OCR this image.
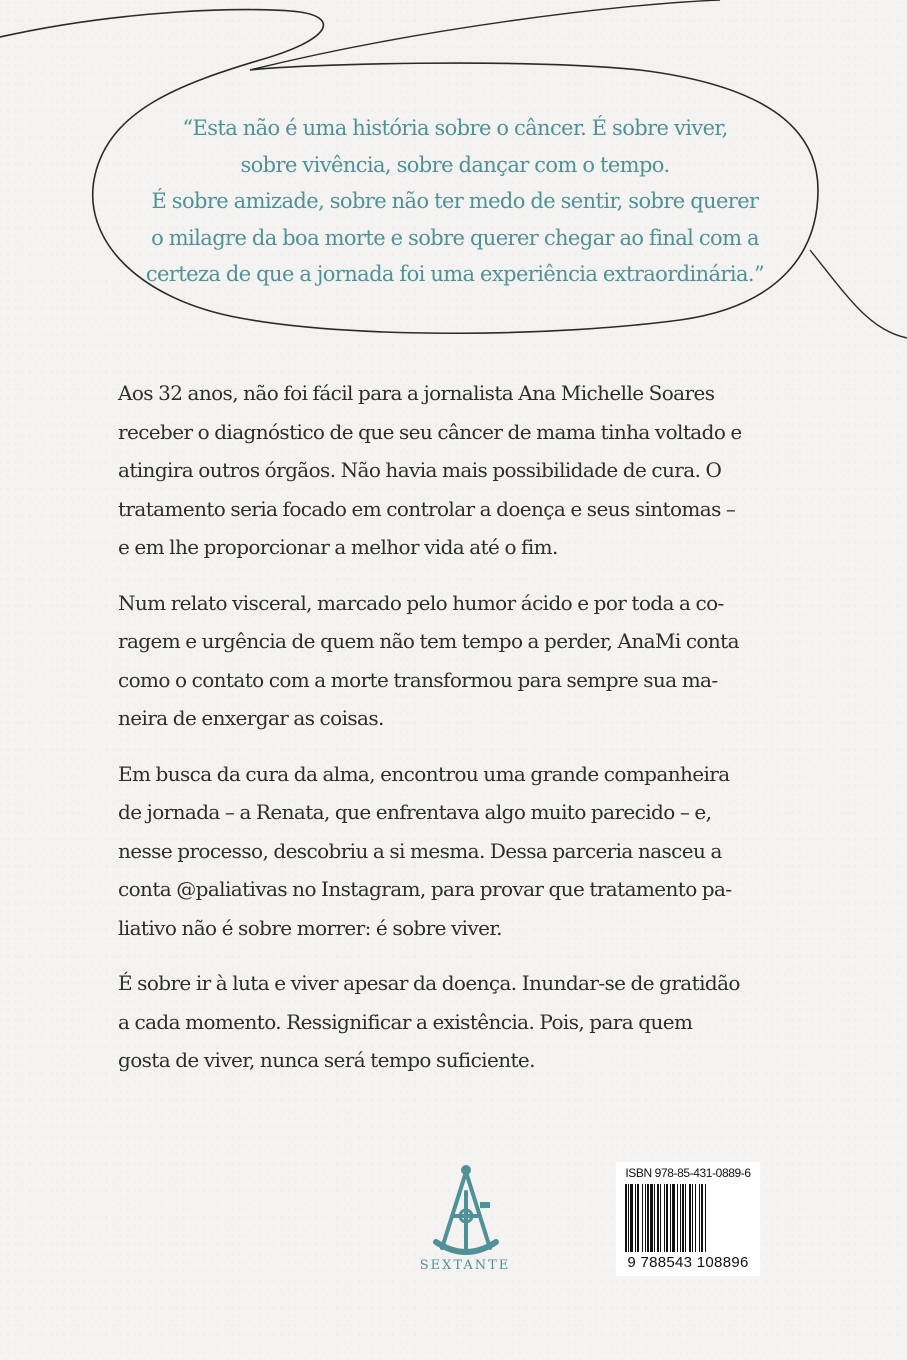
“Esta não é uma história sobre o câncer. É sobre viver,
sobre vivência, sobre dançar com o tempo.
É sobre amizade, sobre não ter medo de sentir, sobre querer
o milagre da boa morte e sobre querer chegar ao final com a
certeza de que a jornada foi uma experiência extraordinária.”

Aos 32 anos, não foi fácil para a jornalista Ana Michelle Soares
receber o diagnóstico de que seu câncer de mama tinha voltado e
atingira outros órgãos. Não havia mais possibilidade de cura. O
tratamento seria focado em controlar a doença e seus sintomas –
e em lhe proporcionar a melhor vida até o fim.

Num relato visceral, marcado pelo humor ácido e por toda a co-
ragem e urgência de quem não tem tempo a perder, AnaMi conta
como o contato com a morte transformou para sempre sua ma-
neira de enxergar as coisas.

Em busca da cura da alma, encontrou uma grande companheira
de jornada – a Renata, que enfrentava algo muito parecido – e,
nesse processo, descobriu a si mesma. Dessa parceria nasceu a
conta @paliativas no Instagram, para provar que tratamento pa-
liativo não é sobre morrer: é sobre viver.

É sobre ir à luta e viver apesar da doença. Inundar-se de gratidão
a cada momento. Ressignificar a existência. Pois, para quem
gosta de viver, nunca será tempo suficiente.

SEXTANTE
ISBN 978-85-431-0889-6
9 788543 108896
